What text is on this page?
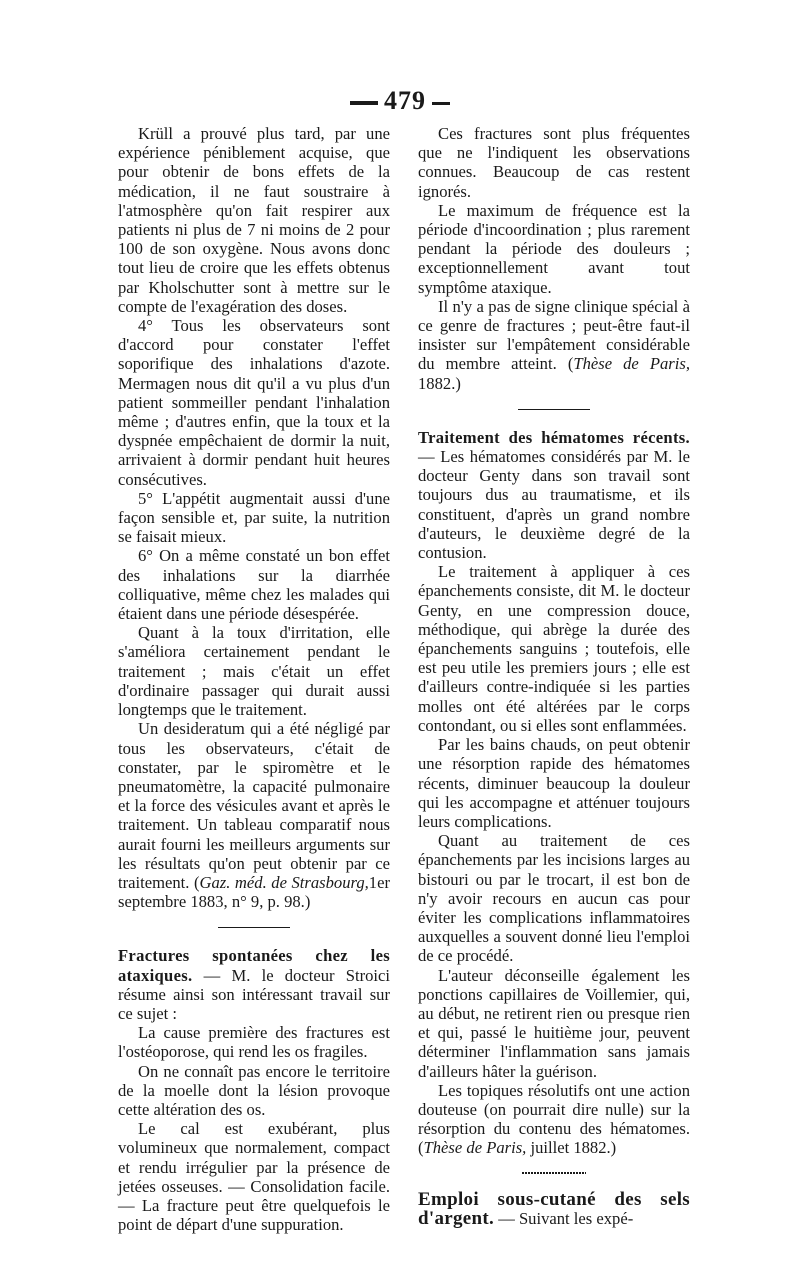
479

Krüll a prouvé plus tard, par une expérience péniblement acquise, que pour obtenir de bons effets de la médication, il ne faut soustraire à l'atmosphère qu'on fait respirer aux patients ni plus de 7 ni moins de 2 pour 100 de son oxygène. Nous avons donc tout lieu de croire que les effets obtenus par Kholschutter sont à mettre sur le compte de l'exagération des doses.

4° Tous les observateurs sont d'accord pour constater l'effet soporifique des inhalations d'azote. Mermagen nous dit qu'il a vu plus d'un patient sommeiller pendant l'inhalation même ; d'autres enfin, que la toux et la dyspnée empêchaient de dormir la nuit, arrivaient à dormir pendant huit heures consécutives.

5° L'appétit augmentait aussi d'une façon sensible et, par suite, la nutrition se faisait mieux.

6° On a même constaté un bon effet des inhalations sur la diarrhée colliquative, même chez les malades qui étaient dans une période désespérée.

Quant à la toux d'irritation, elle s'améliora certainement pendant le traitement ; mais c'était un effet d'ordinaire passager qui durait aussi longtemps que le traitement.

Un desideratum qui a été négligé par tous les observateurs, c'était de constater, par le spiromètre et le pneumatomètre, la capacité pulmonaire et la force des vésicules avant et après le traitement. Un tableau comparatif nous aurait fourni les meilleurs arguments sur les résultats qu'on peut obtenir par ce traitement. (Gaz. méd. de Strasbourg,1er septembre 1883, n° 9, p. 98.)

Fractures spontanées chez les ataxiques. — M. le docteur Stroici résume ainsi son intéressant travail sur ce sujet :

La cause première des fractures est l'ostéoporose, qui rend les os fragiles.

On ne connaît pas encore le territoire de la moelle dont la lésion provoque cette altération des os.

Le cal est exubérant, plus volumineux que normalement, compact et rendu irrégulier par la présence de jetées osseuses. — Consolidation facile. — La fracture peut être quelquefois le point de départ d'une suppuration.

Ces fractures sont plus fréquentes que ne l'indiquent les observations connues. Beaucoup de cas restent ignorés.

Le maximum de fréquence est la période d'incoordination ; plus rarement pendant la période des douleurs ; exceptionnellement avant tout symptôme ataxique.

Il n'y a pas de signe clinique spécial à ce genre de fractures ; peut-être faut-il insister sur l'empâtement considérable du membre atteint. (Thèse de Paris, 1882.)

Traitement des hématomes récents. — Les hématomes considérés par M. le docteur Genty dans son travail sont toujours dus au traumatisme, et ils constituent, d'après un grand nombre d'auteurs, le deuxième degré de la contusion.

Le traitement à appliquer à ces épanchements consiste, dit M. le docteur Genty, en une compression douce, méthodique, qui abrège la durée des épanchements sanguins ; toutefois, elle est peu utile les premiers jours ; elle est d'ailleurs contre-indiquée si les parties molles ont été altérées par le corps contondant, ou si elles sont enflammées.

Par les bains chauds, on peut obtenir une résorption rapide des hématomes récents, diminuer beaucoup la douleur qui les accompagne et atténuer toujours leurs complications.

Quant au traitement de ces épanchements par les incisions larges au bistouri ou par le trocart, il est bon de n'y avoir recours en aucun cas pour éviter les complications inflammatoires auxquelles a souvent donné lieu l'emploi de ce procédé.

L'auteur déconseille également les ponctions capillaires de Voillemier, qui, au début, ne retirent rien ou presque rien et qui, passé le huitième jour, peuvent déterminer l'inflammation sans jamais d'ailleurs hâter la guérison.

Les topiques résolutifs ont une action douteuse (on pourrait dire nulle) sur la résorption du contenu des hématomes. (Thèse de Paris, juillet 1882.)

Emploi sous-cutané des sels d'argent. — Suivant les expé-
